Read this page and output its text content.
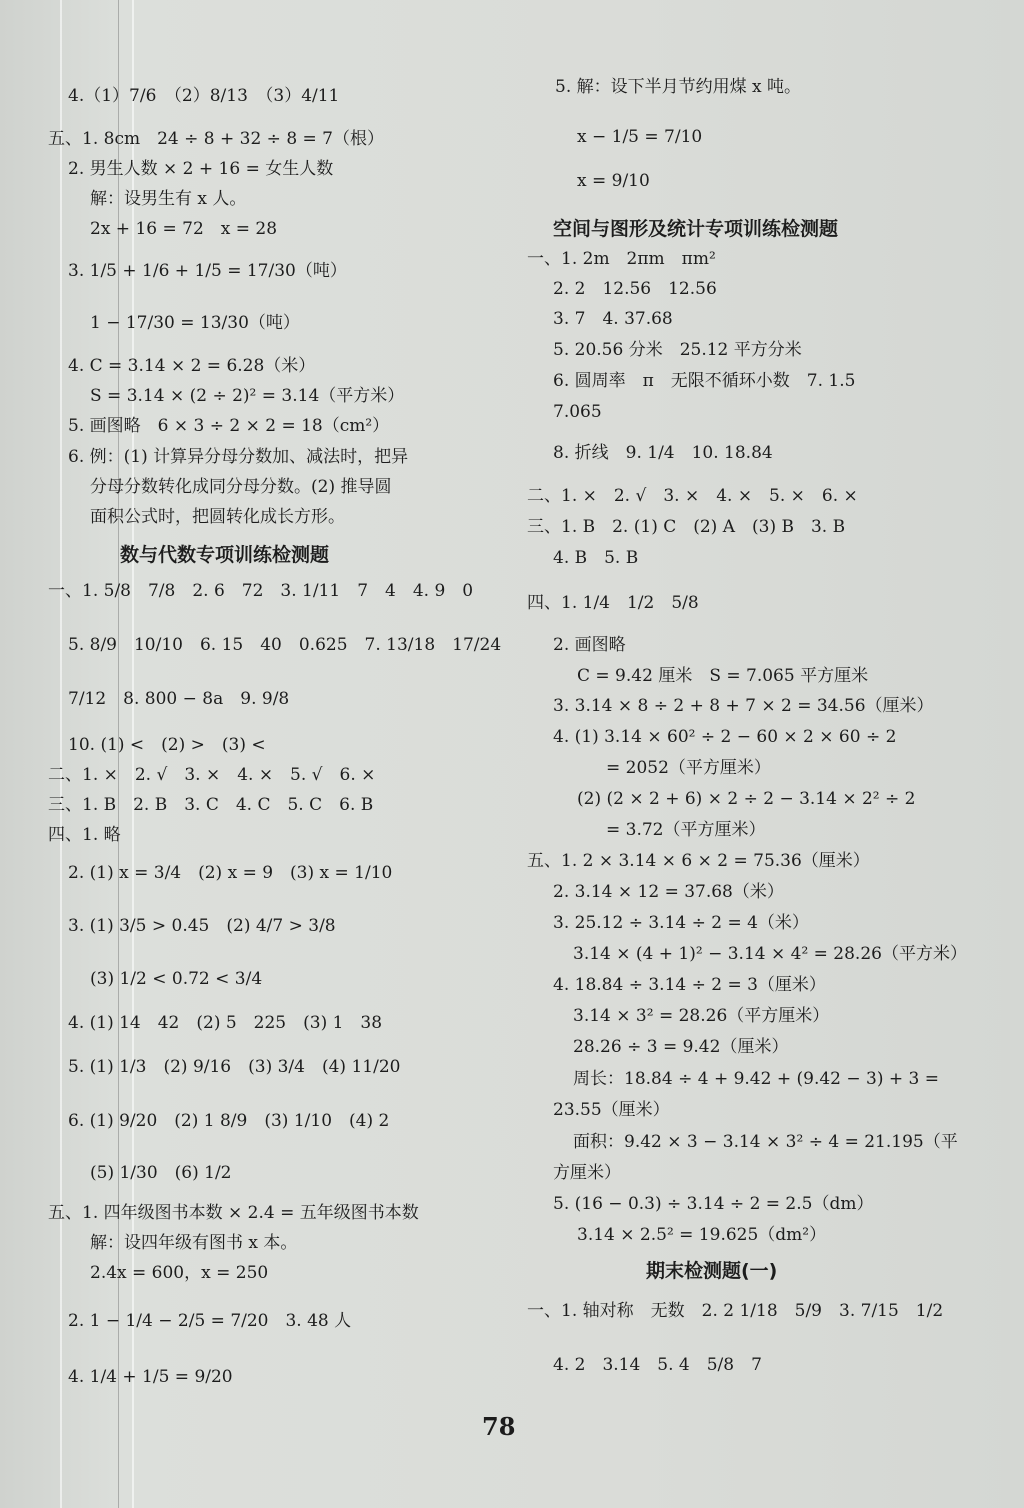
4.（1）7/6　（2）8/13　（3）4/11
五、1. 8cm　24 ÷ 8 + 32 ÷ 8 = 7（根）
2. 男生人数 × 2 + 16 = 女生人数
解：设男生有 x 人。
2x + 16 = 72　x = 28
3. 1/5 + 1/6 + 1/5 = 17/30（吨）
1 − 17/30 = 13/30（吨）
4. C = 3.14 × 2 = 6.28（米）
S = 3.14 × (2 ÷ 2)² = 3.14（平方米）
5. 画图略　6 × 3 ÷ 2 × 2 = 18（cm²）
6. 例：(1) 计算异分母分数加、减法时，把异
分母分数转化成同分母分数。(2) 推导圆
面积公式时，把圆转化成长方形。
数与代数专项训练检测题
一、1. 5/8　7/8　2. 6　72　3. 1/11　7　4　4. 9　0
5. 8/9　10/10　6. 15　40　0.625　7. 13/18　17/24
7/12　8. 800 − 8a　9. 9/8
10. (1) <　(2) >　(3) <
二、1. ×　2. √　3. ×　4. ×　5. √　6. ×
三、1. B　2. B　3. C　4. C　5. C　6. B
四、1. 略
2. (1) x = 3/4　(2) x = 9　(3) x = 1/10
3. (1) 3/5 > 0.45　(2) 4/7 > 3/8
(3) 1/2 < 0.72 < 3/4
4. (1) 14　42　(2) 5　225　(3) 1　38
5. (1) 1/3　(2) 9/16　(3) 3/4　(4) 11/20
6. (1) 9/20　(2) 1 8/9　(3) 1/10　(4) 2
(5) 1/30　(6) 1/2
五、1. 四年级图书本数 × 2.4 = 五年级图书本数
解：设四年级有图书 x 本。
2.4x = 600，x = 250
2. 1 − 1/4 − 2/5 = 7/20　3. 48 人
4. 1/4 + 1/5 = 9/20
5. 解：设下半月节约用煤 x 吨。
x − 1/5 = 7/10
x = 9/10
空间与图形及统计专项训练检测题
一、1. 2m　2πm　πm²
2. 2　12.56　12.56
3. 7　4. 37.68
5. 20.56 分米　25.12 平方分米
6. 圆周率　π　无限不循环小数　7. 1.5
7.065
8. 折线　9. 1/4　10. 18.84
二、1. ×　2. √　3. ×　4. ×　5. ×　6. ×
三、1. B　2. (1) C　(2) A　(3) B　3. B
4. B　5. B
四、1. 1/4　1/2　5/8
2. 画图略
C = 9.42 厘米　S = 7.065 平方厘米
3. 3.14 × 8 ÷ 2 + 8 + 7 × 2 = 34.56（厘米）
4. (1) 3.14 × 60² ÷ 2 − 60 × 2 × 60 ÷ 2
= 2052（平方厘米）
(2) (2 × 2 + 6) × 2 ÷ 2 − 3.14 × 2² ÷ 2
= 3.72（平方厘米）
五、1. 2 × 3.14 × 6 × 2 = 75.36（厘米）
2. 3.14 × 12 = 37.68（米）
3. 25.12 ÷ 3.14 ÷ 2 = 4（米）
3.14 × (4 + 1)² − 3.14 × 4² = 28.26（平方米）
4. 18.84 ÷ 3.14 ÷ 2 = 3（厘米）
3.14 × 3² = 28.26（平方厘米）
28.26 ÷ 3 = 9.42（厘米）
周长：18.84 ÷ 4 + 9.42 + (9.42 − 3) + 3 =
23.55（厘米）
面积：9.42 × 3 − 3.14 × 3² ÷ 4 = 21.195（平
方厘米）
5. (16 − 0.3) ÷ 3.14 ÷ 2 = 2.5（dm）
3.14 × 2.5² = 19.625（dm²）
期末检测题(一)
一、1. 轴对称　无数　2. 2 1/18　5/9　3. 7/15　1/2
4. 2　3.14　5. 4　5/8　7
78
